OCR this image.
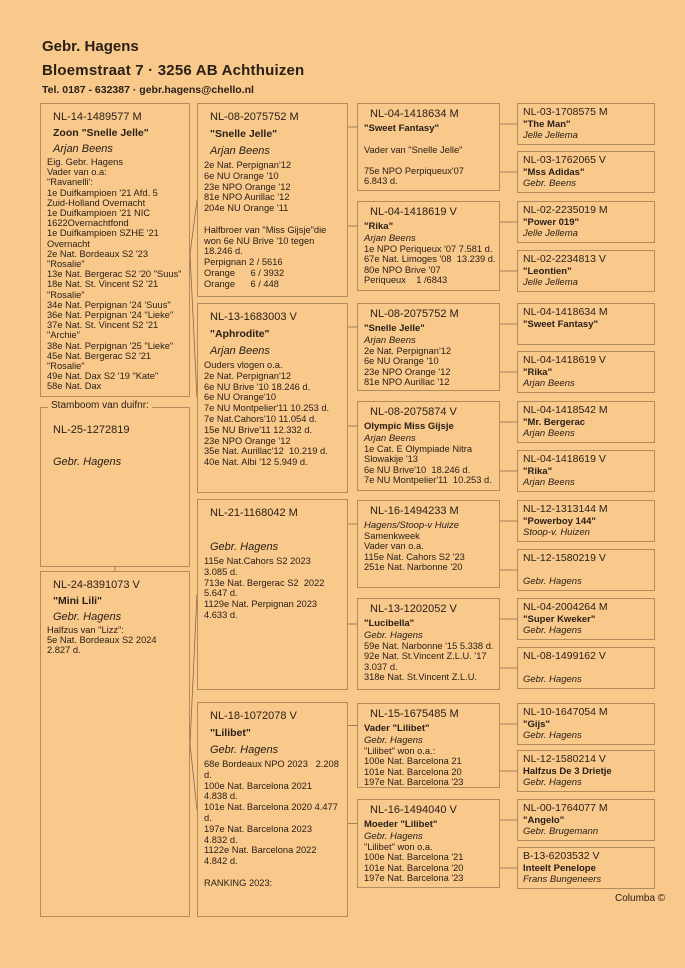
Gebr. Hagens
Bloemstraat 7 · 3256 AB Achthuizen
Tel. 0187 - 632387 · gebr.hagens@chello.nl
NL-14-1489577 M
Zoon "Snelle Jelle"
Arjan Beens
Eig. Gebr. Hagens
Vader van o.a:
"Ravanelli':
1e Duifkampioen '21 Afd. 5
Zuid-Holland Overnacht
1e Duifkampioen '21 NIC
1622Overnachtfond
1e Duifkampioen SZHE '21
Overnacht
2e Nat. Bordeaux S2 '23
"Rosalie"
13e Nat. Bergerac S2 '20 "Suus"
18e Nat. St. Vincent S2 '21
"Rosalie"
34e Nat. Perpignan '24 'Suus"
36e Nat. Perpignan '24 "Lieke"
37e Nat. St. Vincent S2 '21
"Archie"
38e Nat. Perpignan '25 "Lieke"
45e Nat. Bergerac S2 '21
"Rosalie"
49e Nat. Dax S2 '19 "Kate"
58e Nat. Dax
NL-24-8391073 V
"Mini Lili"
Gebr. Hagens
Halfzus van "Lizz":
5e Nat. Bordeaux S2 2024
2.827 d.
NL-08-2075752 M
"Snelle Jelle"
Arjan Beens
2e Nat. Perpignan'12
6e NU Orange '10
23e NPO Orange '12
81e NPO Aurillac '12
204e NU Orange '11
Halfbroer van "Miss Gijsje"die
won 6e NU Brive '10 tegen
18.246 d.
Perpignan 2 / 5616
Orange      6 / 3932
Orange      6 / 448
NL-13-1683003 V
"Aphrodite"
Arjan Beens
Ouders vlogen o.a.
2e Nat. Perpignan'12
6e NU Brive '10 18.246 d.
6e NU Orange'10
7e NU Montpelier'11 10.253 d.
7e Nat.Cahors'10 11.054 d.
15e NU Brive'11 12.332 d.
23e NPO Orange '12
35e Nat. Aurillac'12  10.219 d.
40e Nat. Albi '12 5.949 d.
NL-21-1168042 M
Gebr. Hagens
115e Nat.Cahors S2 2023
3.085 d.
713e Nat. Bergerac S2  2022
5.647 d.
1129e Nat. Perpignan 2023
4.633 d.
NL-18-1072078 V
"Lilibet"
Gebr. Hagens
68e Bordeaux NPO 2023   2.208
d.
100e Nat. Barcelona 2021
4.838 d.
101e Nat. Barcelona 2020 4.477
d.
197e Nat. Barcelona 2023
4.832 d.
1122e Nat. Barcelona 2022
4.842 d.
RANKING 2023:
NL-04-1418634 M
"Sweet Fantasy"
Vader van "Snelle Jelle"
75e NPO Perpiqueux'07
6.843 d.
NL-04-1418619 V
"Rika"
Arjan Beens
1e NPO Periqueux '07 7.581 d.
67e Nat. Limoges '08  13.239 d.
80e NPO Brive '07
Periqueux    1 /6843
NL-08-2075752 M
"Snelle Jelle"
Arjan Beens
2e Nat. Perpignan'12
6e NU Orange '10
23e NPO Orange '12
81e NPO Aurillac '12
NL-08-2075874 V
Olympic Miss Gijsje
Arjan Beens
1e Cat. E Olympiade Nitra
Slowakije '13
6e NU Brive'10  18.246 d.
7e NU Montpelier'11  10.253 d.
NL-16-1494233 M
Hagens/Stoop-v Huize
Samenkweek
Vader van o.a.
115e Nat. Cahors S2 '23
251e Nat. Narbonne '20
NL-13-1202052 V
"Lucibella"
Gebr. Hagens
59e Nat. Narbonne '15 5.338 d.
92e Nat. St.Vincent Z.L.U. '17
3.037 d.
318e Nat. St.Vincent Z.L.U.
NL-15-1675485 M
Vader "Lilibet"
Gebr. Hagens
"Lilibet" won o.a.:
100e Nat. Barcelona 21
101e Nat. Barcelona 20
197e Nat. Barcelona '23
NL-16-1494040 V
Moeder "Lilibet"
Gebr. Hagens
"Lilibet" won o.a.
100e Nat. Barcelona '21
101e Nat. Barcelona '20
197e Nat. Barcelona '23
NL-03-1708575 M
"The Man"
Jelle Jellema
NL-03-1762065 V
"Mss Adidas"
Gebr. Beens
NL-02-2235019 M
"Power 019"
Jelle Jellema
NL-02-2234813 V
"Leontien"
Jelle Jellema
NL-04-1418634 M
"Sweet Fantasy"
NL-04-1418619 V
"Rika"
Arjan Beens
NL-04-1418542 M
"Mr. Bergerac
Arjan Beens
NL-04-1418619 V
"Rika"
Arjan Beens
NL-12-1313144 M
"Powerboy 144"
Stoop-v. Huizen
NL-12-1580219 V
Gebr. Hagens
NL-04-2004264 M
"Super Kweker"
Gebr. Hagens
NL-08-1499162 V
Gebr. Hagens
NL-10-1647054 M
"Gijs"
Gebr. Hagens
NL-12-1580214 V
Halfzus De 3 Drietje
Gebr. Hagens
NL-00-1764077 M
"Angelo"
Gebr. Brugemann
B-13-6203532 V
Inteelt Penelope
Frans Bungeneers
NL-25-1272819
Gebr. Hagens
Stamboom van duifnr:
Columba ©
